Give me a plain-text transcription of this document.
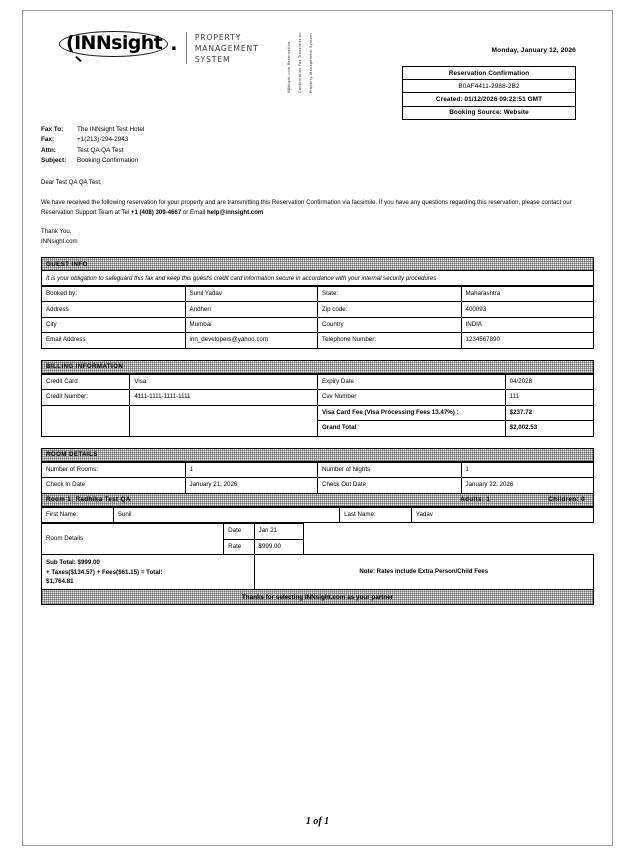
(INNsight . PROPERTY
MANAGEMENT
SYSTEM	INNsight.com Reservation Confirmation Fax Transmission Property Management System	Monday, January 12, 2026
Reservation Confirmation
B0AF4411-2988-2B2
Created: 01/12/2026 09:22:51 GMT
Booking Source: Website
Fax To:	The INNsight Test Hotel
Fax:	+1(213)-294-2943
Attn:	Test QA QA Test
Subject:	Booking Confirmation
Dear Test QA QA Test,
We have received the following reservation for your property and are transmitting this Reservation Confirmation via facsimile. If you have any questions regarding this reservation, please contact our Reservation Support Team at Tel +1 (408) 309-4667 or Email help@innsight.com
Thank You,
INNsight.com
GUEST INFO
It is your obligation to safeguard this fax and keep this guest's credit card information secure in accordance with your internal security procedures
Booked by:	Sunil Yadav	State:	Maharashtra
Address	Andheri	Zip code:	400093
City	Mumbai	Country	INDIA
Email Address	inn_developers@yahoo.com	Telephone Number:	1234567890
BILLING INFORMATION
Credit Card	Visa	Expiry Date	04/2028
Credit Number:	4111-1111-1111-1111	Cvv Number	111
		Visa Card Fee (Visa Processing Fees 13.47%) :	$237.72
		Grand Total	$2,002.53
ROOM DETAILS
Number of Rooms:	1	Number of Nights	1
Check In Date	January 21, 2026	Check Out Date	January 22, 2026
Room 1: Radhika Test QA	Adults: 1	Children: 0
First Name:	Sunil	Last Name:	Yadav
Room Details	Date	Jan 21	
	Rate	$999.00	

Sub Total: $999.00
+ Taxes($134.57) + Fees($61.15) = Total:
$1,764.81		Note: Rates include Extra Person/Child Fees	
Thanks for selecting INNsight.com as your partner
1 of 1
